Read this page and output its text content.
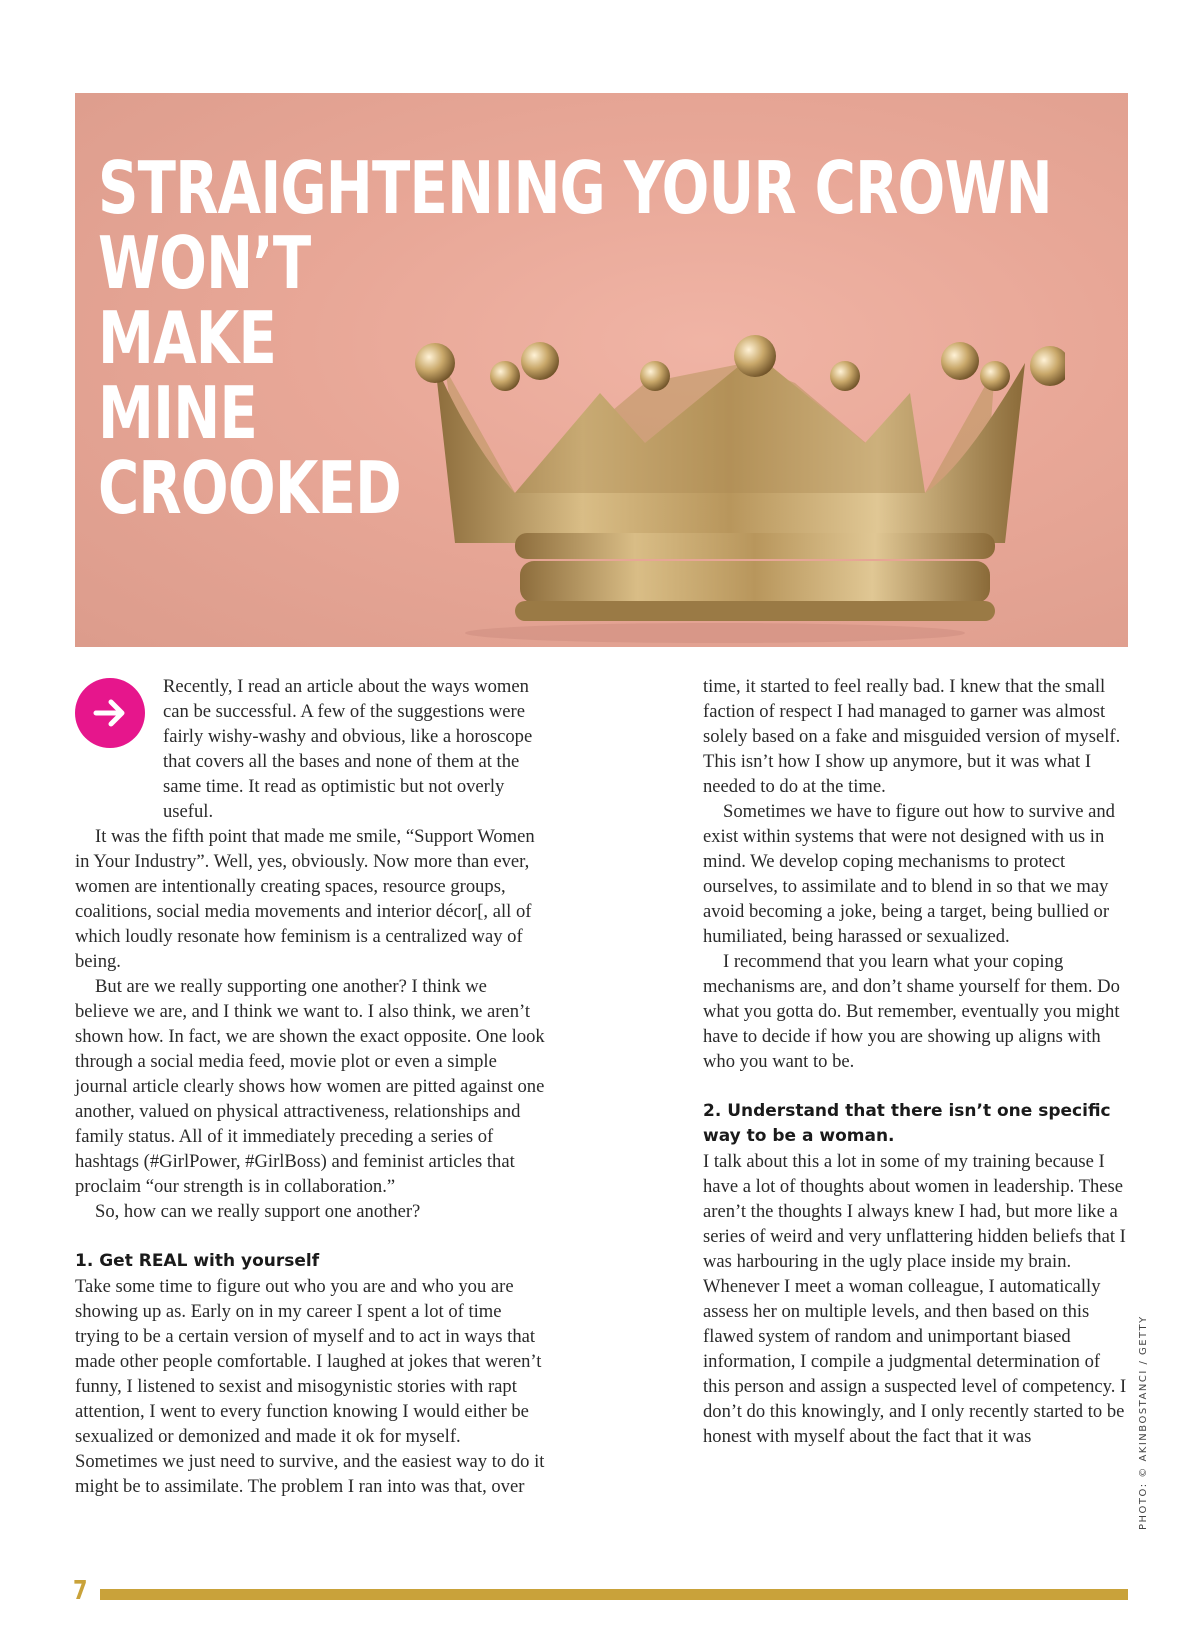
STRAIGHTENING YOUR CROWN
WON’T
MAKE
MINE
CROOKED

Recently, I read an article about the ways women can be successful. A few of the suggestions were fairly wishy-washy and obvious, like a horoscope that covers all the bases and none of them at the same time. It read as optimistic but not overly useful.

It was the fifth point that made me smile, “Support Women in Your Industry”. Well, yes, obviously. Now more than ever, women are intentionally creating spaces, resource groups, coalitions, social media movements and interior décor[, all of which loudly resonate how feminism is a centralized way of being.

But are we really supporting one another? I think we believe we are, and I think we want to. I also think, we aren’t shown how. In fact, we are shown the exact opposite. One look through a social media feed, movie plot or even a simple journal article clearly shows how women are pitted against one another, valued on physical attractiveness, relationships and family status. All of it immediately preceding a series of hashtags (#GirlPower, #GirlBoss) and feminist articles that proclaim “our strength is in collaboration.”

So, how can we really support one another?

1. Get REAL with yourself

Take some time to figure out who you are and who you are showing up as. Early on in my career I spent a lot of time trying to be a certain version of myself and to act in ways that made other people comfortable. I laughed at jokes that weren’t funny, I listened to sexist and misogynistic stories with rapt attention, I went to every function knowing I would either be sexualized or demonized and made it ok for myself. Sometimes we just need to survive, and the easiest way to do it might be to assimilate. The problem I ran into was that, over

time, it started to feel really bad. I knew that the small faction of respect I had managed to garner was almost solely based on a fake and misguided version of myself. This isn’t how I show up anymore, but it was what I needed to do at the time.

Sometimes we have to figure out how to survive and exist within systems that were not designed with us in mind. We develop coping mechanisms to protect ourselves, to assimilate and to blend in so that we may avoid becoming a joke, being a target, being bullied or humiliated, being harassed or sexualized.

I recommend that you learn what your coping mechanisms are, and don’t shame yourself for them. Do what you gotta do. But remember, eventually you might have to decide if how you are showing up aligns with who you want to be.

2. Understand that there isn’t one specific way to be a woman.

I talk about this a lot in some of my training because I have a lot of thoughts about women in leadership. These aren’t the thoughts I always knew I had, but more like a series of weird and very unflattering hidden beliefs that I was harbouring in the ugly place inside my brain. Whenever I meet a woman colleague, I automatically assess her on multiple levels, and then based on this flawed system of random and unimportant biased information, I compile a judgmental determination of this person and assign a suspected level of competency. I don’t do this knowingly, and I only recently started to be honest with myself about the fact that it was	PHOTO: © AKINBOSTANCI / GETTY
7
